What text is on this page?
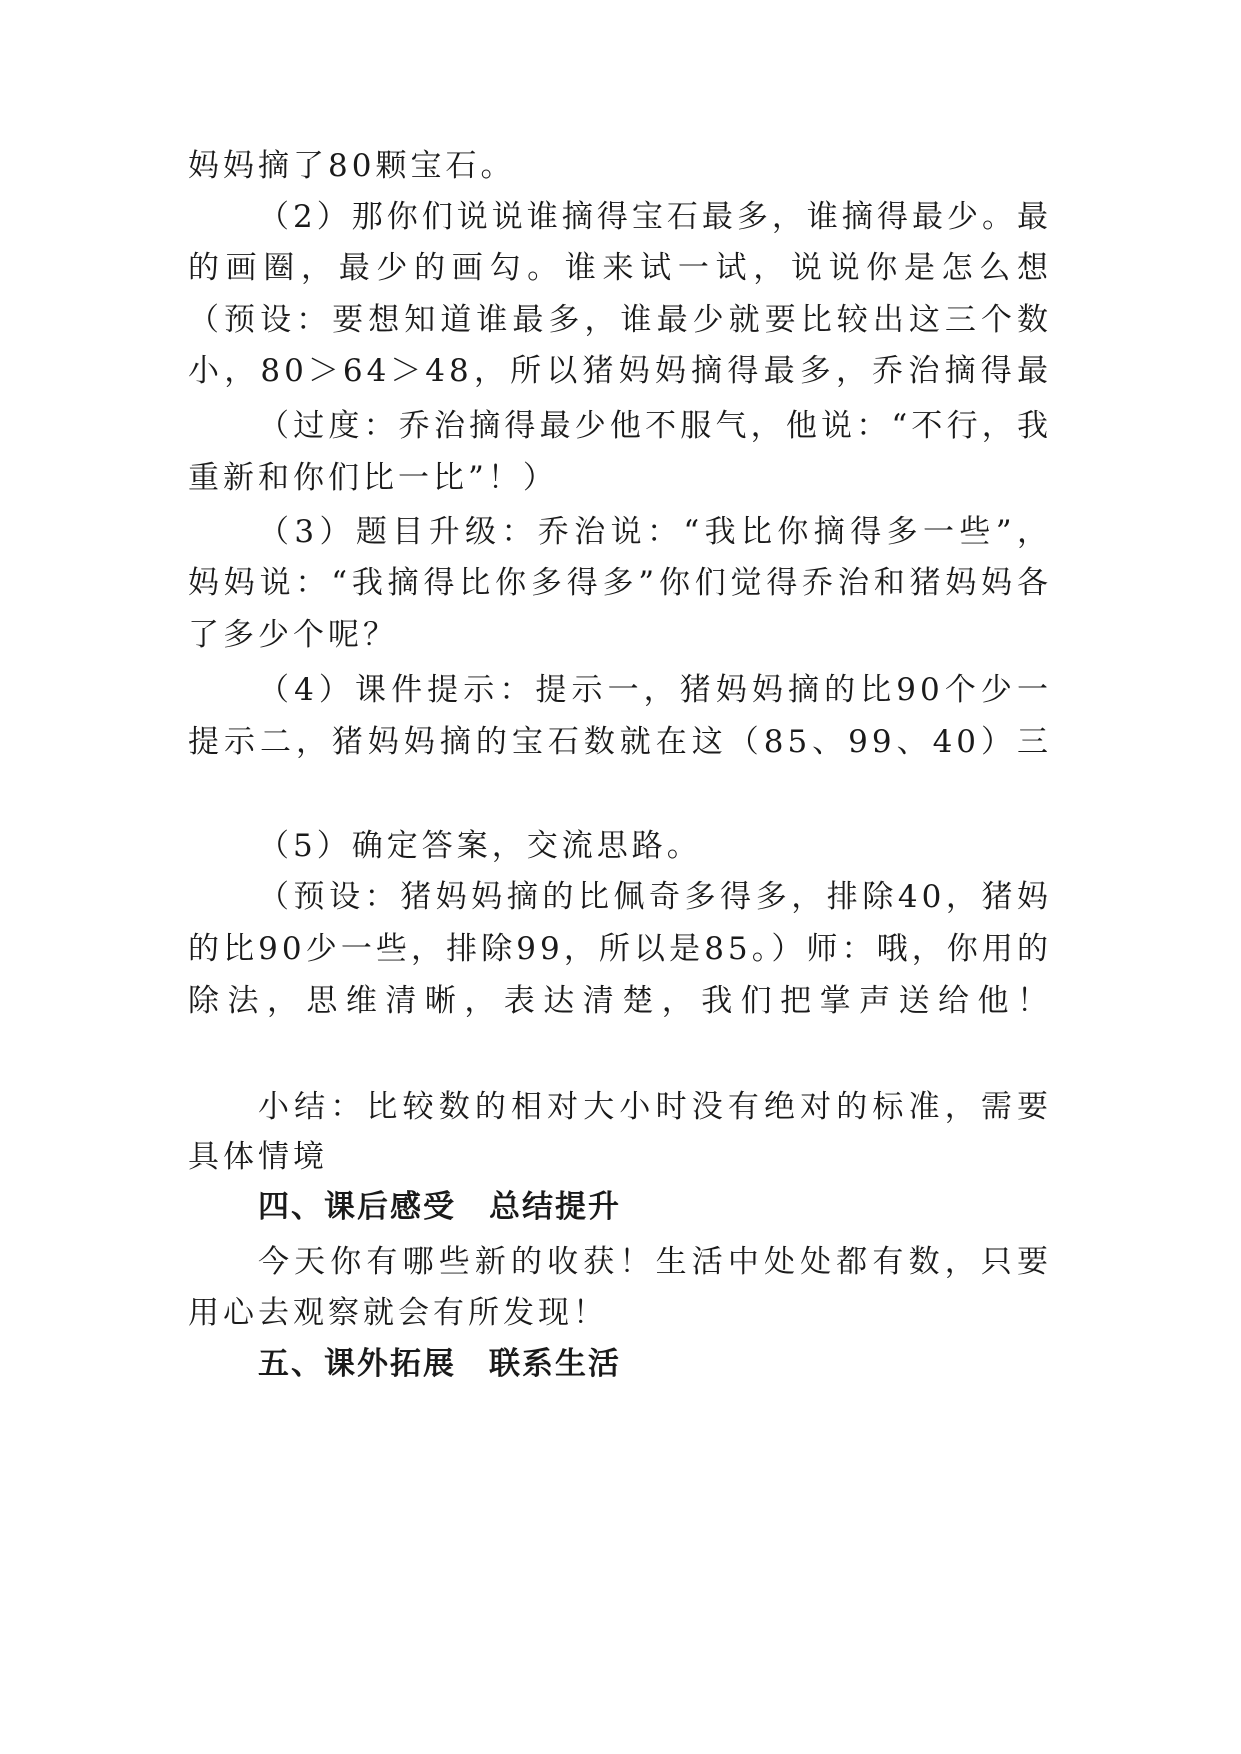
妈妈摘了80颗宝石。
（2）那你们说说谁摘得宝石最多，谁摘得最少。最
的画圈，最少的画勾。谁来试一试，说说你是怎么想
（预设：要想知道谁最多，谁最少就要比较出这三个数
小，80＞64＞48，所以猪妈妈摘得最多，乔治摘得最
（过度：乔治摘得最少他不服气，他说：“不行，我
重新和你们比一比”！）
（3）题目升级：乔治说：“我比你摘得多一些”，
妈妈说：“我摘得比你多得多”你们觉得乔治和猪妈妈各
了多少个呢？
（4）课件提示：提示一，猪妈妈摘的比90个少一
提示二，猪妈妈摘的宝石数就在这（85、99、40）三
（5）确定答案，交流思路。
（预设：猪妈妈摘的比佩奇多得多，排除40，猪妈
的比90少一些，排除99，所以是85。）师：哦，你用的
除法，思维清晰，表达清楚，我们把掌声送给他！
小结：比较数的相对大小时没有绝对的标准，需要
具体情境
四、课后感受　总结提升
今天你有哪些新的收获！生活中处处都有数，只要
用心去观察就会有所发现！
五、课外拓展　联系生活
